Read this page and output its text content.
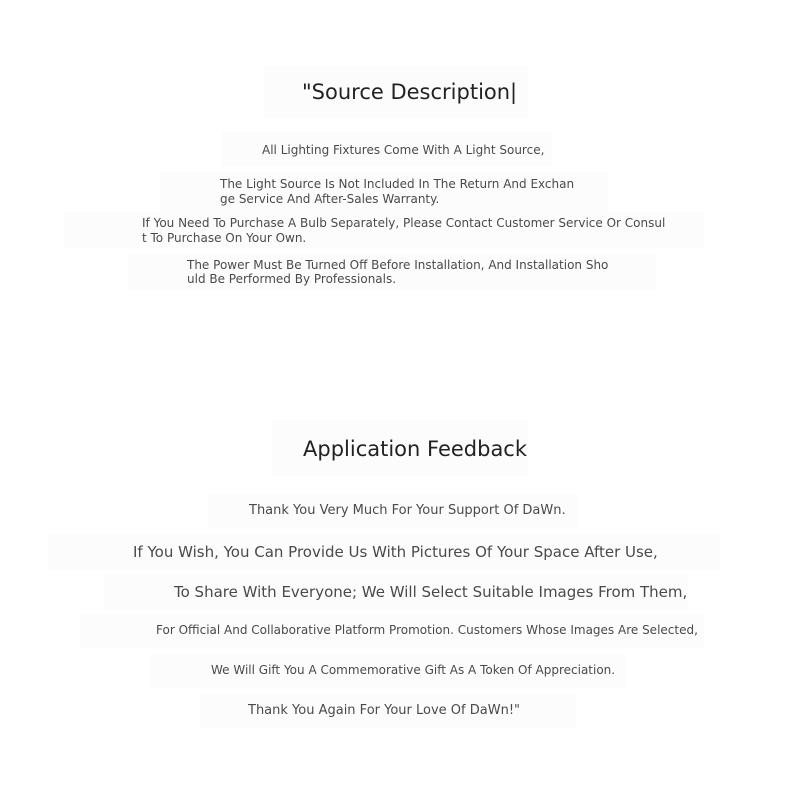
"Source Description|
All Lighting Fixtures Come With A Light Source,
The Light Source Is Not Included In The Return And Exchan
ge Service And After-Sales Warranty.
If You Need To Purchase A Bulb Separately, Please Contact Customer Service Or Consul
t To Purchase On Your Own.
The Power Must Be Turned Off Before Installation, And Installation Sho
uld Be Performed By Professionals.
Application Feedback
Thank You Very Much For Your Support Of DaWn.
If You Wish, You Can Provide Us With Pictures Of Your Space After Use,
To Share With Everyone; We Will Select Suitable Images From Them,
For Official And Collaborative Platform Promotion. Customers Whose Images Are Selected,
We Will Gift You A Commemorative Gift As A Token Of Appreciation.
Thank You Again For Your Love Of DaWn!"
